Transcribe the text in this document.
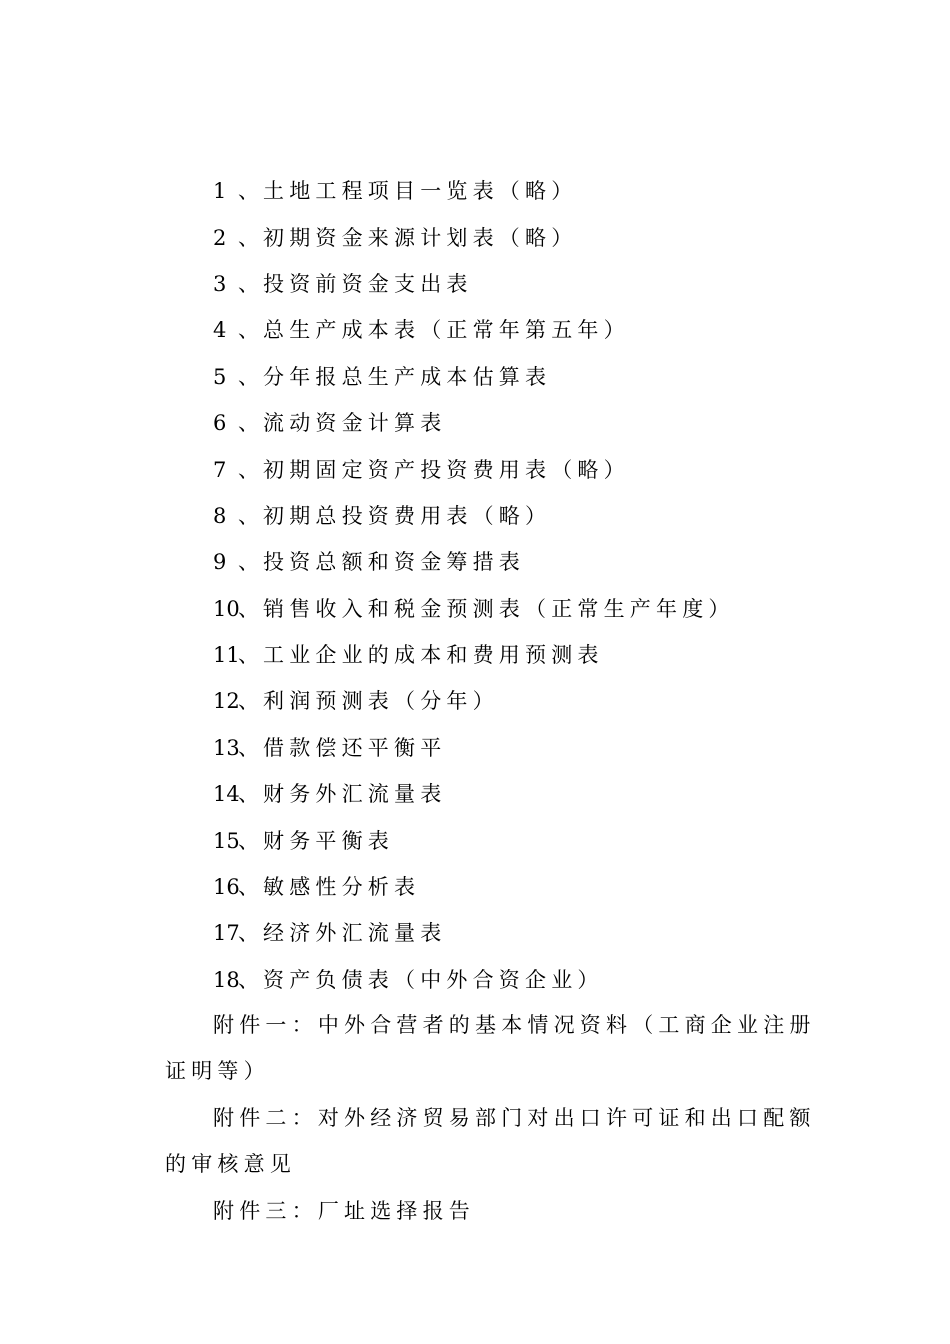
1 、 土地工程项目一览表（略）
2 、 初期资金来源计划表（略）
3 、 投资前资金支出表
4 、 总生产成本表（正常年第五年）
5 、 分年报总生产成本估算表
6 、 流动资金计算表
7 、 初期固定资产投资费用表（略）
8 、 初期总投资费用表（略）
9 、 投资总额和资金筹措表
10
、 销售收入和税金预测表（正常生产年度）
11
、 工业企业的成本和费用预测表
12
、 利润预测表（分年）
13
、 借款偿还平衡平
14
、 财务外汇流量表
15
、 财务平衡表
16
、 敏感性分析表
17
、 经济外汇流量表
18
、 资产负债表（中外合资企业）
附件一：中外合营者的基本情况资料（工商企业注册证明等）
附件二：对外经济贸易部门对出口许可证和出口配额的审核意见
附件三：厂址选择报告
